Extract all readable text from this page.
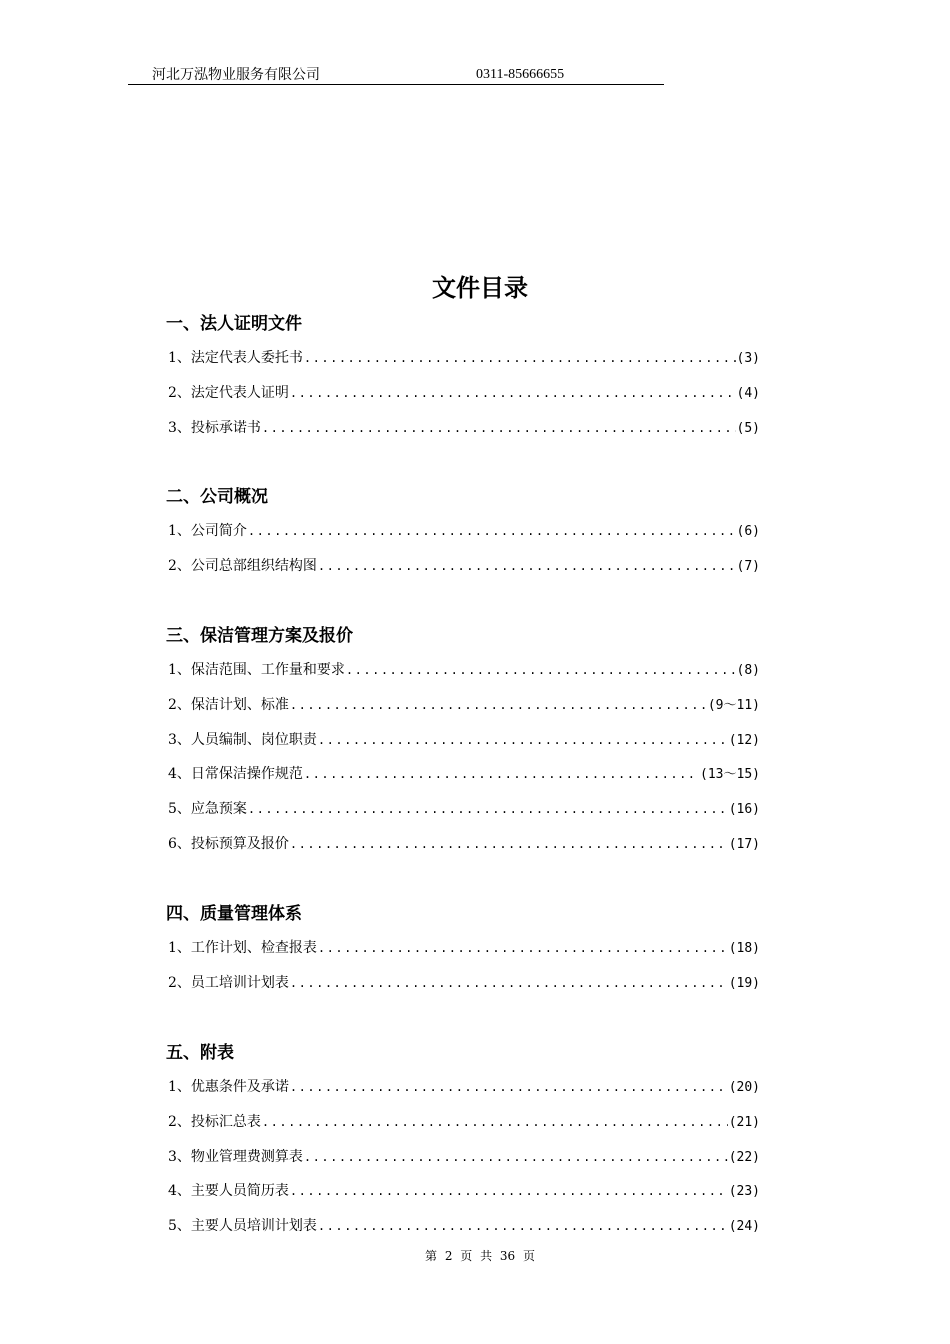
河北万泓物业服务有限公司	0311-85666655
文件目录
一、法人证明文件
1、法定代表人委托书 .....	(3)
2、法定代表人证明 .....	(4)
3、投标承诺书 .....	(5)
二、公司概况
1、公司简介 .....	(6)
2、公司总部组织结构图 .....	(7)
三、保洁管理方案及报价
1、保洁范围、工作量和要求 .....	(8)
2、保洁计划、标准 .....	(9～11)
3、人员编制、岗位职责 .....	(12)
4、日常保洁操作规范 .....	(13～15)
5、应急预案 .....	(16)
6、投标预算及报价 .....	(17)
四、质量管理体系
1、工作计划、检查报表 .....	(18)
2、员工培训计划表 .....	(19)
五、附表
1、优惠条件及承诺 .....	(20)
2、投标汇总表 .....	(21)
3、物业管理费测算表 .....	(22)
4、主要人员简历表 .....	(23)
5、主要人员培训计划表 .....	(24)
第 2 页 共 36 页
